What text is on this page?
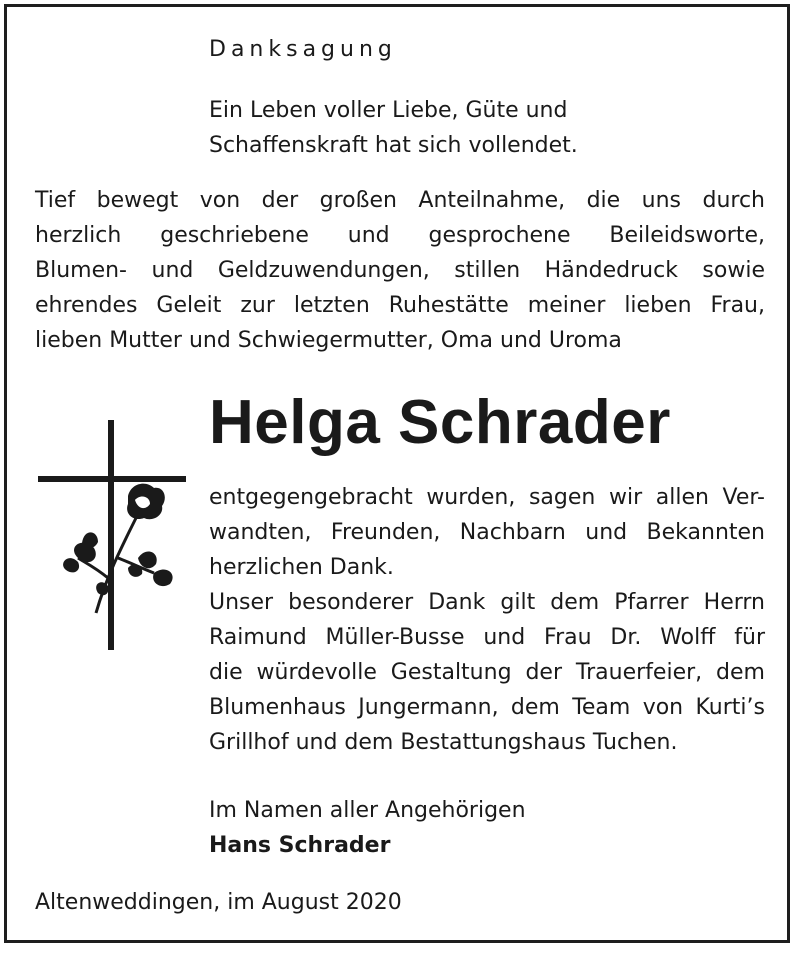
Danksagung
Ein Leben voller Liebe, Güte und
Schaffenskraft hat sich vollendet.

Tief bewegt von der großen Anteilnahme, die uns durch

herzlich geschriebene und gesprochene Beileidsworte,

Blumen- und Geldzuwendungen, stillen Händedruck sowie

ehrendes Geleit zur letzten Ruhestätte meiner lieben Frau,

lieben Mutter und Schwiegermutter, Oma und Uroma

Helga Schrader

entgegengebracht wurden, sagen wir allen Ver-

wandten, Freunden, Nachbarn und Bekannten

herzlichen Dank.

Unser besonderer Dank gilt dem Pfarrer Herrn

Raimund Müller-Busse und Frau Dr. Wolff für

die würdevolle Gestaltung der Trauerfeier, dem

Blumenhaus Jungermann, dem Team von Kurti’s

Grillhof und dem Bestattungshaus Tuchen.

Im Namen aller Angehörigen
Hans Schrader
Altenweddingen, im August 2020
